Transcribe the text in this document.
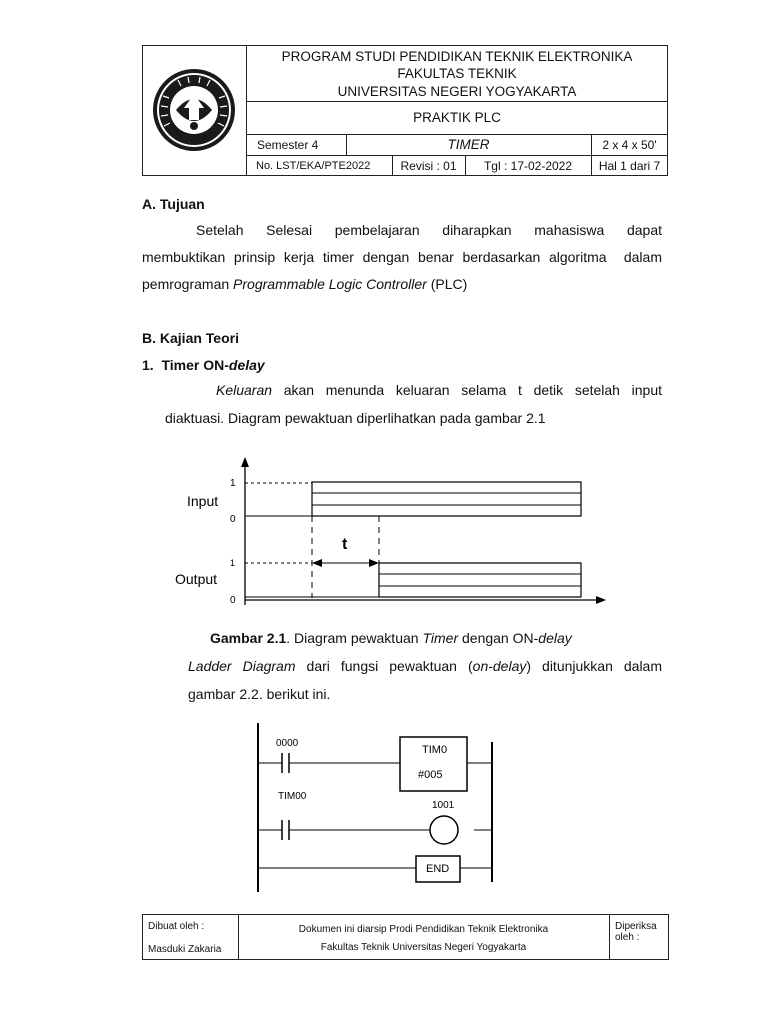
PROGRAM STUDI PENDIDIKAN TEKNIK ELEKTRONIKA
FAKULTAS TEKNIK
UNIVERSITAS NEGERI YOGYAKARTA
PRAKTIK PLC
Semester 4	TIMER	2 x 4 x 50'
No. LST/EKA/PTE2022	Revisi : 01	Tgl : 17-02-2022	Hal 1 dari 7
A. Tujuan
Setelah    Selesai    pembelajaran    diharapkan    mahasiswa    dapat
membuktikan prinsip kerja timer dengan benar berdasarkan algoritma  dalam
pemrograman Programmable Logic Controller (PLC)
B. Kajian Teori
1.  Timer ON-delay
Keluaran akan menunda keluaran selama t detik setelah input
diaktuasi. Diagram pewaktuan diperlihatkan pada gambar 2.1
1
0
Input
1
0
Output
t
Gambar 2.1. Diagram pewaktuan Timer dengan ON-delay
Ladder Diagram dari fungsi pewaktuan (on-delay) ditunjukkan dalam
gambar 2.2. berikut ini.
0000
TIM0
#005
TIM00
1001
END
Dibuat oleh :
Masduki Zakaria
Dokumen ini diarsip Prodi Pendidikan Teknik Elektronika
Fakultas Teknik Universitas Negeri Yogyakarta
Diperiksa oleh :
